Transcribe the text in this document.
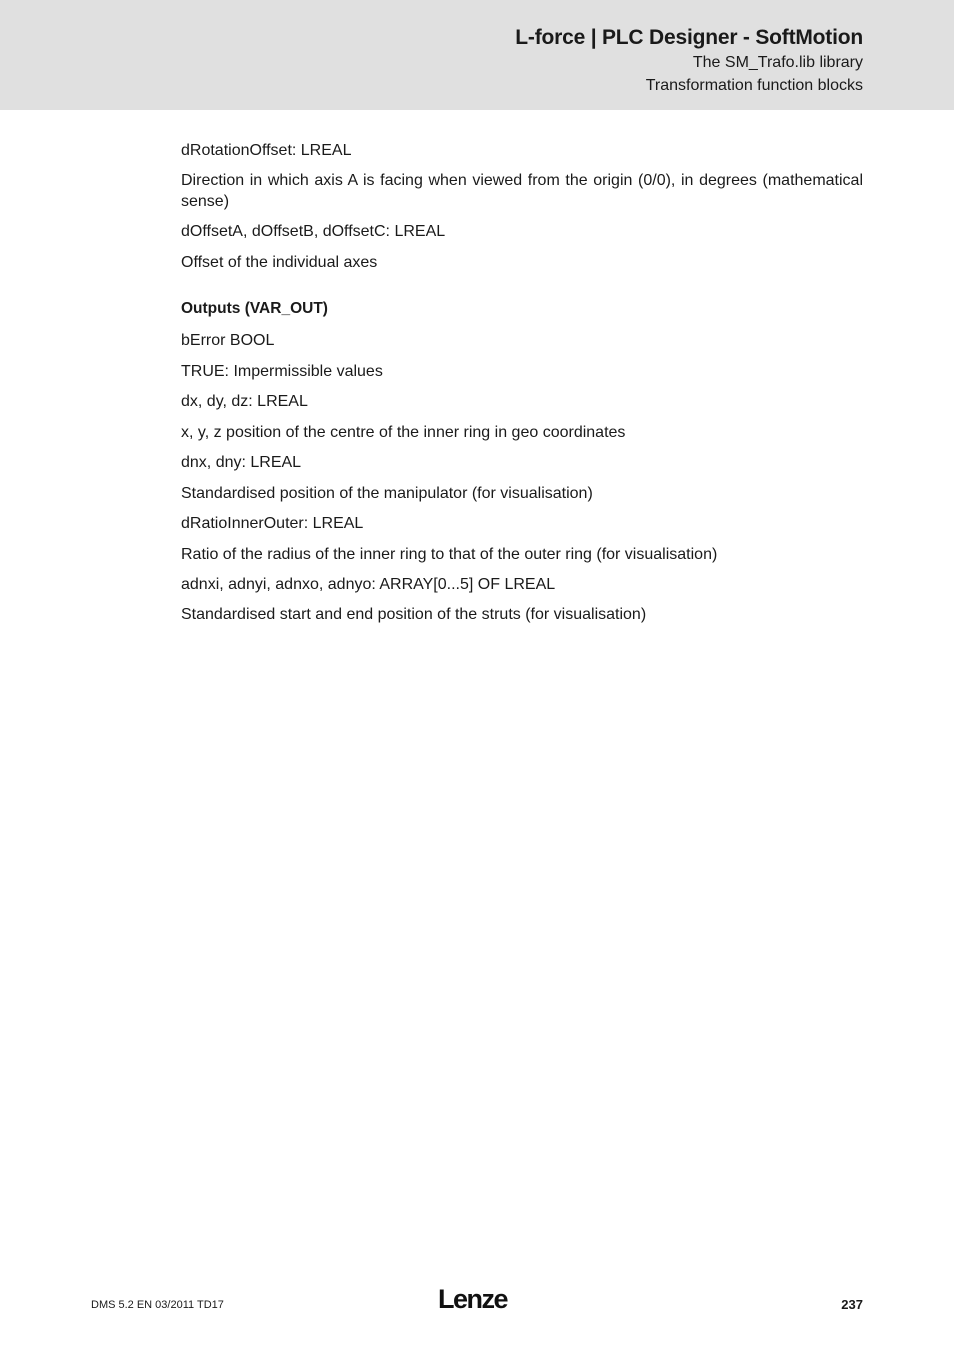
L-force | PLC Designer - SoftMotion
The SM_Trafo.lib library
Transformation function blocks

dRotationOffset: LREAL

Direction in which axis A is facing when viewed from the origin (0/0), in degrees (mathematical sense)

dOffsetA, dOffsetB, dOffsetC: LREAL

Offset of the individual axes

Outputs (VAR_OUT)

bError BOOL

TRUE: Impermissible values

dx, dy, dz: LREAL

x, y, z position of the centre of the inner ring in geo coordinates

dnx, dny: LREAL

Standardised position of the manipulator (for visualisation)

dRatioInnerOuter: LREAL

Ratio of the radius of the inner ring to that of the outer ring (for visualisation)

adnxi, adnyi, adnxo, adnyo: ARRAY[0...5] OF LREAL

Standardised start and end position of the struts (for visualisation)

DMS 5.2 EN 03/2011 TD17	Lenze	237
